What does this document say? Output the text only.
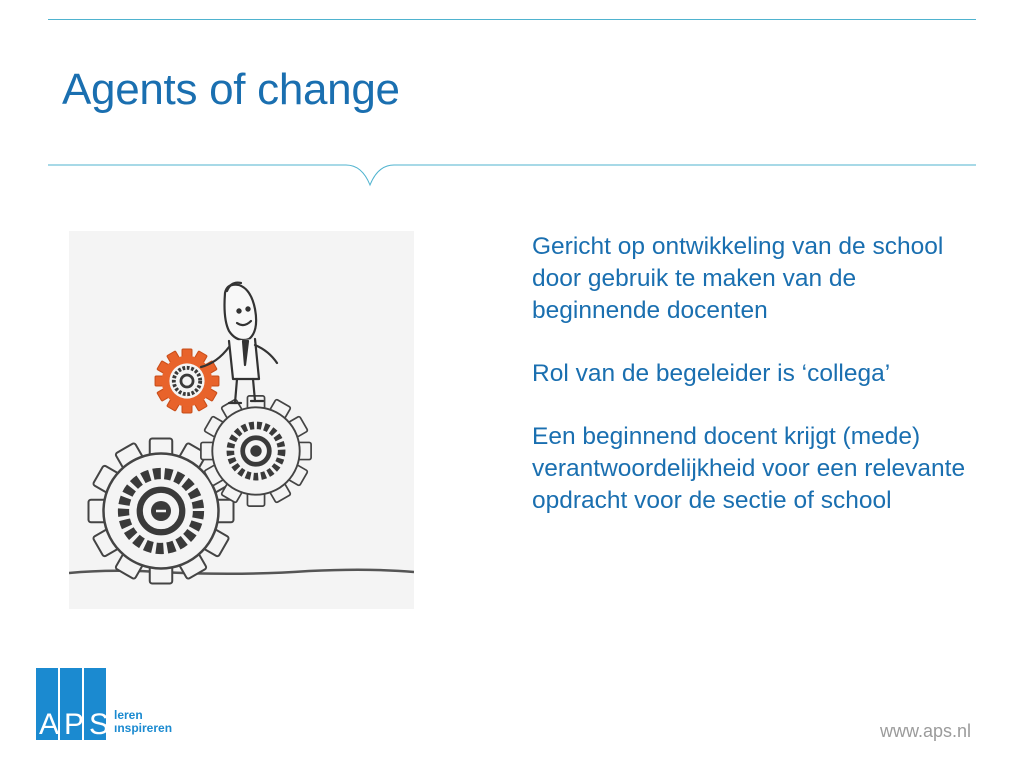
Agents of change

Gericht op ontwikkeling van de school door gebruik te maken van de beginnende docenten

Rol van de begeleider is ‘collega’

Een beginnend docent krijgt (mede) verantwoordelijkheid voor een relevante opdracht voor de sectie of school

APS leren
ınspireren	www.aps.nl
